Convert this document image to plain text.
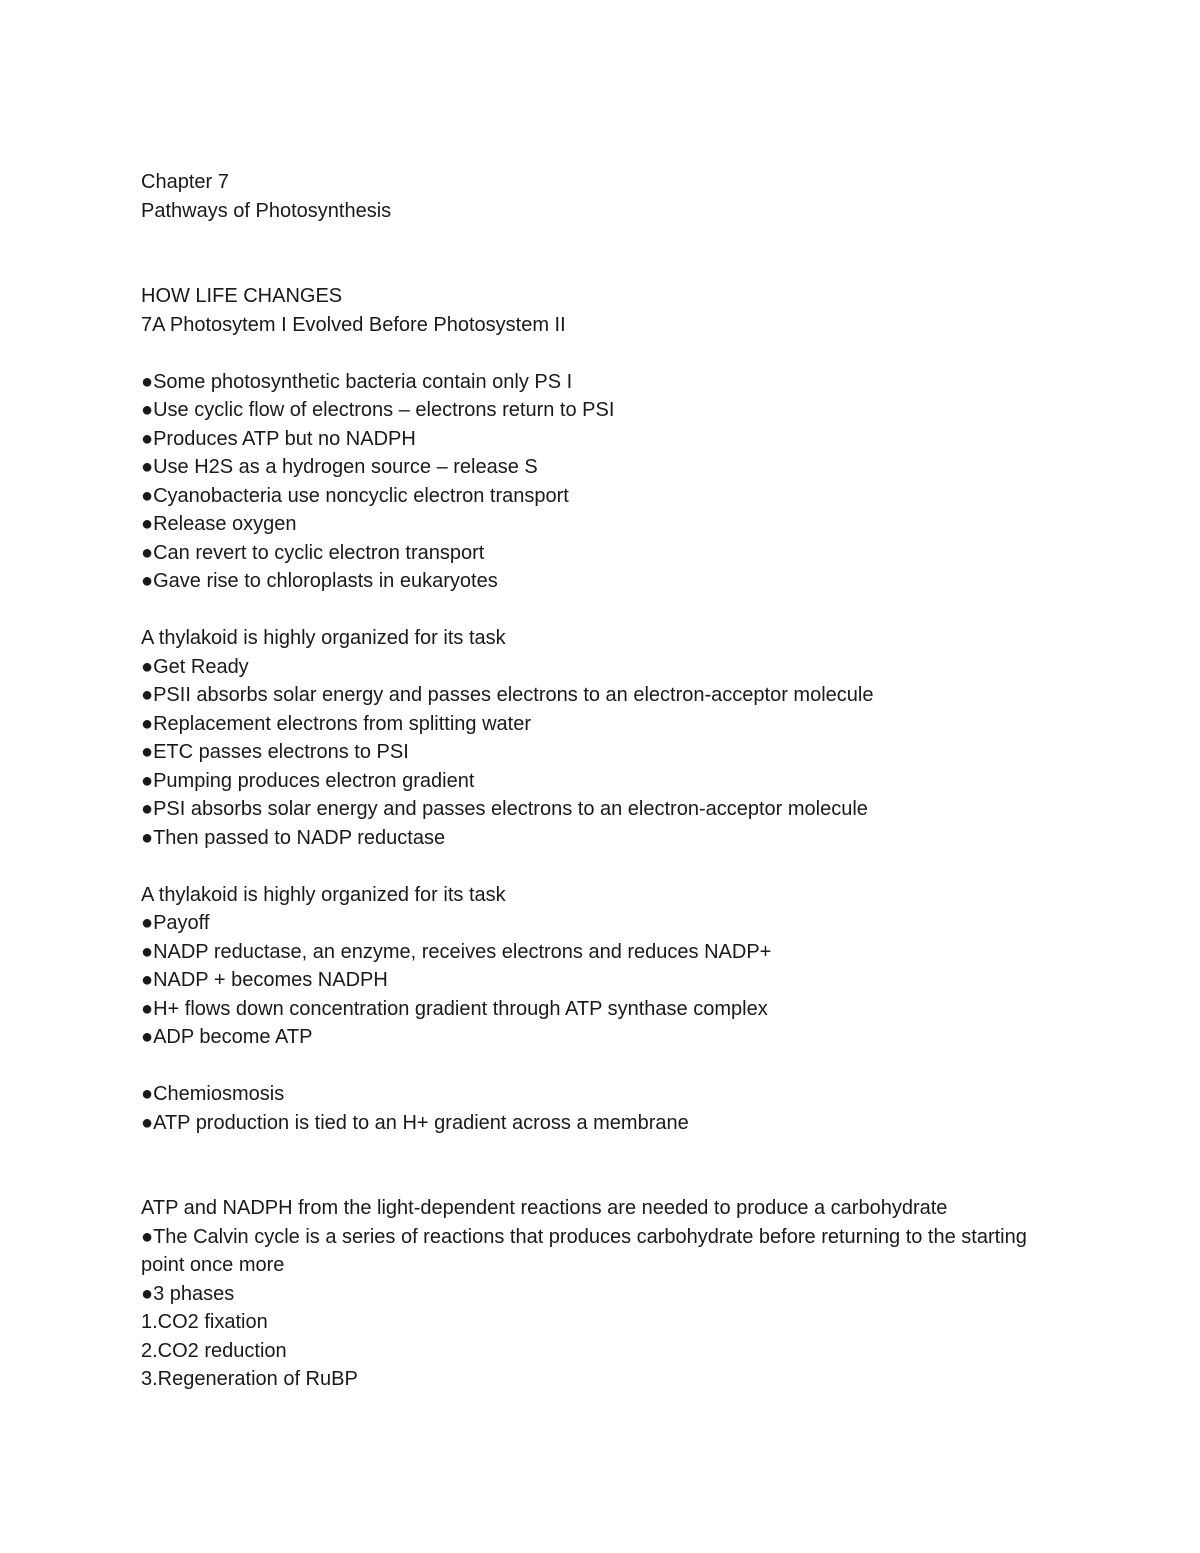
Chapter 7
Pathways of Photosynthesis
HOW LIFE CHANGES
7A Photosytem I Evolved Before Photosystem II
●Some photosynthetic bacteria contain only PS I
●Use cyclic flow of electrons – electrons return to PSI
●Produces ATP but no NADPH
●Use H2S as a hydrogen source – release S
●Cyanobacteria use noncyclic electron transport
●Release oxygen
●Can revert to cyclic electron transport
●Gave rise to chloroplasts in eukaryotes
A thylakoid is highly organized for its task
●Get Ready
●PSII absorbs solar energy and passes electrons to an electron-acceptor molecule
●Replacement electrons from splitting water
●ETC passes electrons to PSI
●Pumping produces electron gradient
●PSI absorbs solar energy and passes electrons to an electron-acceptor molecule
●Then passed to NADP reductase
A thylakoid is highly organized for its task
●Payoff
●NADP reductase, an enzyme, receives electrons and reduces NADP+
●NADP + becomes NADPH
●H+ flows down concentration gradient through ATP synthase complex
●ADP become ATP
●Chemiosmosis
●ATP production is tied to an H+ gradient across a membrane
ATP and NADPH from the light-dependent reactions are needed to produce a carbohydrate
●The Calvin cycle is a series of reactions that produces carbohydrate before returning to the starting point once more
●3 phases
1.CO2 fixation
2.CO2 reduction
3.Regeneration of RuBP
